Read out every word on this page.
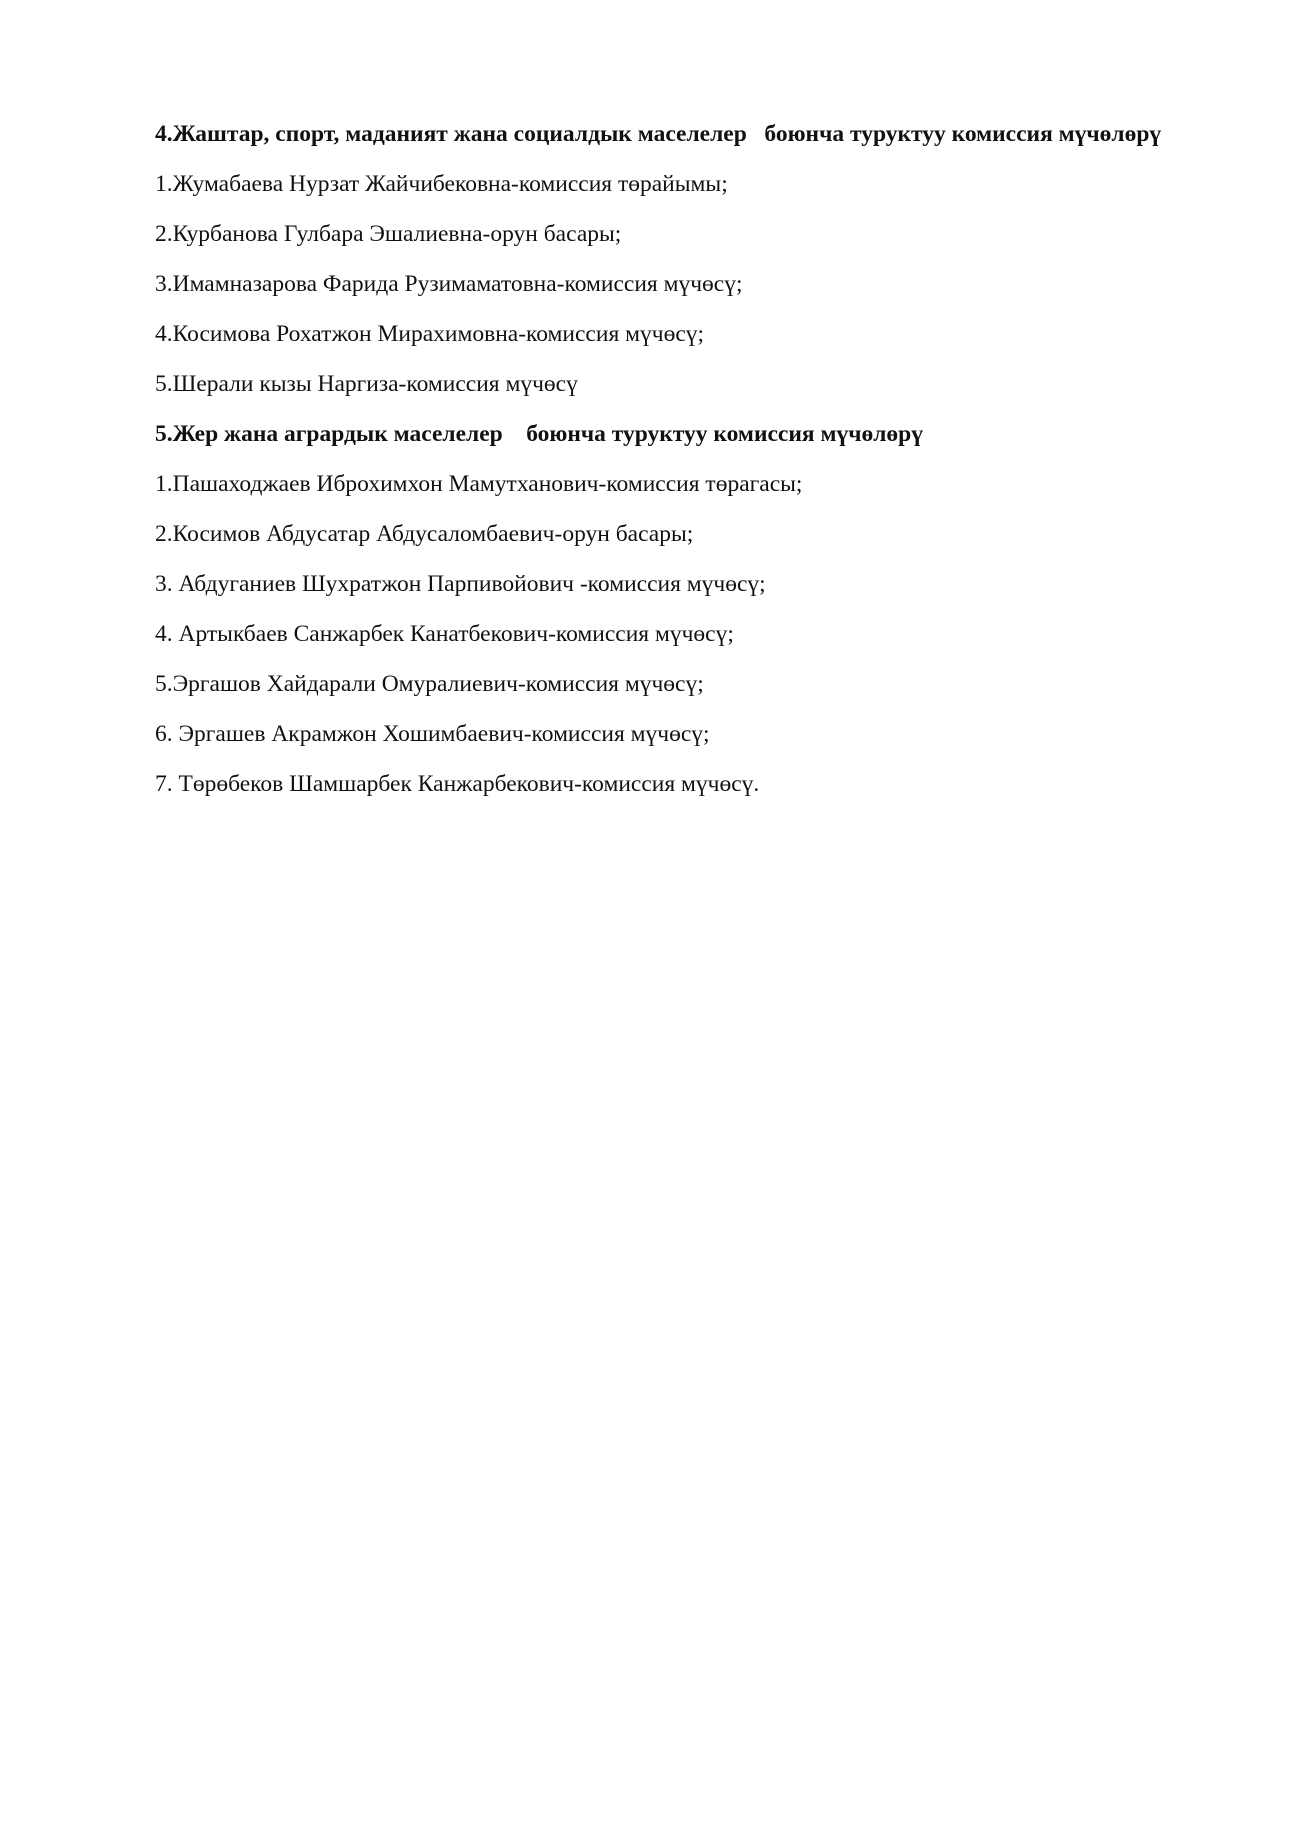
4.Жаштар, спорт, маданият жана социалдык маселелер   боюнча туруктуу комиссия мүчөлөрү

1.Жумабаева Нурзат Жайчибековна-комиссия төрайымы;
2.Курбанова Гулбара Эшалиевна-орун басары;
3.Имамназарова Фарида Рузимаматовна-комиссия мүчөсү;
4.Косимова Рохатжон Мирахимовна-комиссия мүчөсү;
5.Шерали кызы Наргиза-комиссия мүчөсү

5.Жер жана агрардык маселелер    боюнча туруктуу комиссия мүчөлөрү

1.Пашаходжаев Иброхимхон Мамутханович-комиссия төрагасы;
2.Косимов Абдусатар Абдусаломбаевич-орун басары;
3. Абдуганиев Шухратжон Парпивойович -комиссия мүчөсү;
4. Артыкбаев Санжарбек Канатбекович-комиссия мүчөсү;
5.Эргашов Хайдарали Омуралиевич-комиссия мүчөсү;
6. Эргашев Акрамжон Хошимбаевич-комиссия мүчөсү;
7. Төрөбеков Шамшарбек Канжарбекович-комиссия мүчөсү.
